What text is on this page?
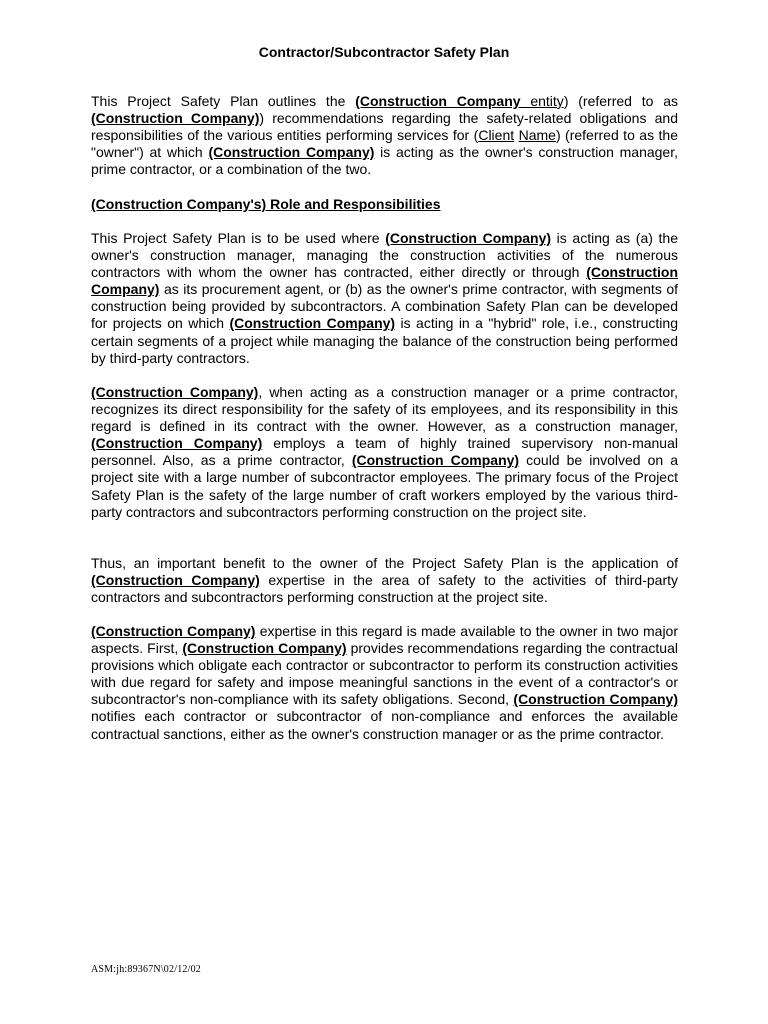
Contractor/Subcontractor Safety Plan

This Project Safety Plan outlines the (Construction Company entity) (referred to as (Construction Company)) recommendations regarding the safety-related obligations and responsibilities of the various entities performing services for (Client Name) (referred to as the "owner") at which (Construction Company) is acting as the owner's construction manager, prime contractor, or a combination of the two.

(Construction Company's) Role and Responsibilities

This Project Safety Plan is to be used where (Construction Company) is acting as (a) the owner's construction manager, managing the construction activities of the numerous contractors with whom the owner has contracted, either directly or through (Construction Company) as its procurement agent, or (b) as the owner's prime contractor, with segments of construction being provided by subcontractors. A combination Safety Plan can be developed for projects on which (Construction Company) is acting in a "hybrid" role, i.e., constructing certain segments of a project while managing the balance of the construction being performed by third-party contractors.

(Construction Company), when acting as a construction manager or a prime contractor, recognizes its direct responsibility for the safety of its employees, and its responsibility in this regard is defined in its contract with the owner. However, as a construction manager, (Construction Company) employs a team of highly trained supervisory non-manual personnel. Also, as a prime contractor, (Construction Company) could be involved on a project site with a large number of subcontractor employees. The primary focus of the Project Safety Plan is the safety of the large number of craft workers employed by the various third-party contractors and subcontractors performing construction on the project site.

Thus, an important benefit to the owner of the Project Safety Plan is the application of (Construction Company) expertise in the area of safety to the activities of third-party contractors and subcontractors performing construction at the project site.

(Construction Company) expertise in this regard is made available to the owner in two major aspects. First, (Construction Company) provides recommendations regarding the contractual provisions which obligate each contractor or subcontractor to perform its construction activities with due regard for safety and impose meaningful sanctions in the event of a contractor's or subcontractor's non-compliance with its safety obligations. Second, (Construction Company) notifies each contractor or subcontractor of non-compliance and enforces the available contractual sanctions, either as the owner's construction manager or as the prime contractor.

ASM:jh:89367N\02/12/02
